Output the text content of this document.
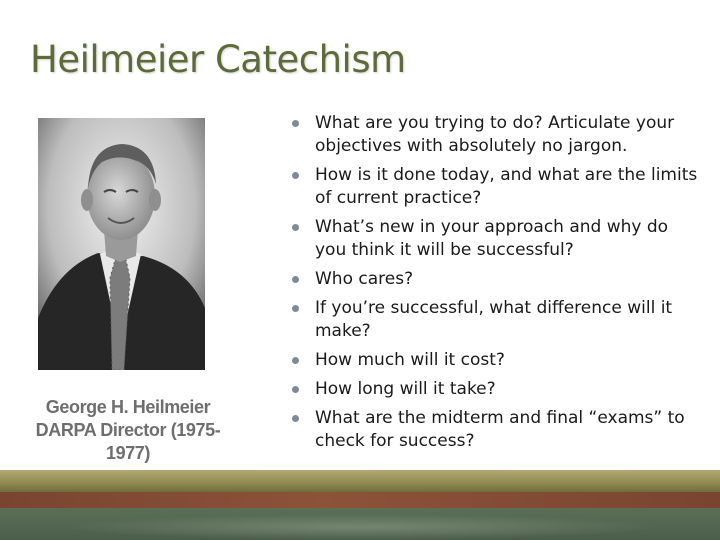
Heilmeier Catechism
George H. Heilmeier
DARPA Director (1975-1977)
What are you trying to do? Articulate your objectives with absolutely no jargon.
How is it done today, and what are the limits of current practice?
What’s new in your approach and why do you think it will be successful?
Who cares?
If you’re successful, what difference will it make?
How much will it cost?
How long will it take?
What are the midterm and final “exams” to check for success?
